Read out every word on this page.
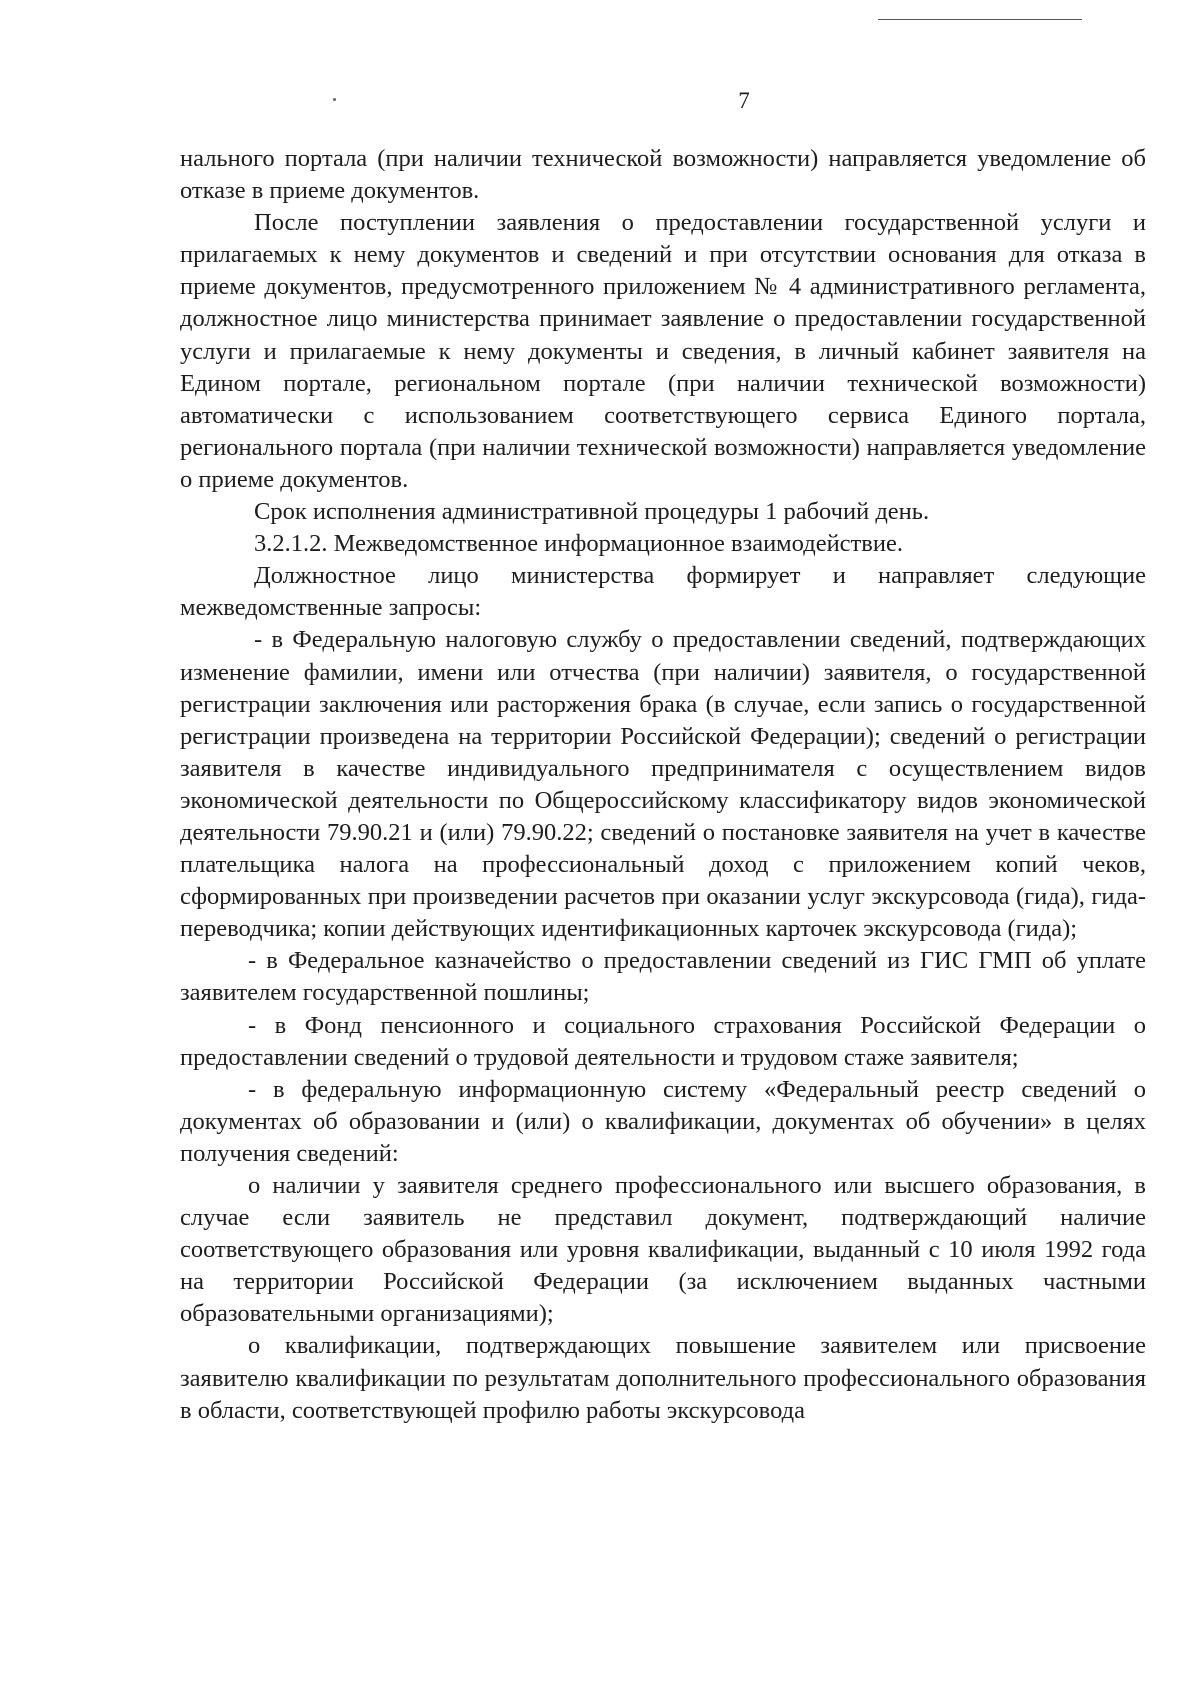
7

нального портала (при наличии технической возможности) направляется уведомление об отказе в приеме документов.

После поступлении заявления о предоставлении государственной услуги и прилагаемых к нему документов и сведений и при отсутствии основания для отказа в приеме документов, предусмотренного приложением № 4 административного регламента, должностное лицо министерства принимает заявление о предоставлении государственной услуги и прилагаемые к нему документы и сведения, в личный кабинет заявителя на Едином портале, региональном портале (при наличии технической возможности) автоматически с использованием соответствующего сервиса Единого портала, регионального портала (при наличии технической возможности) направляется уведомление о приеме документов.

Срок исполнения административной процедуры 1 рабочий день.

3.2.1.2. Межведомственное информационное взаимодействие.

Должностное лицо министерства формирует и направляет следующие межведомственные запросы:

- в Федеральную налоговую службу о предоставлении сведений, подтверждающих изменение фамилии, имени или отчества (при наличии) заявителя, о государственной регистрации заключения или расторжения брака (в случае, если запись о государственной регистрации произведена на территории Российской Федерации); сведений о регистрации заявителя в качестве индивидуального предпринимателя с осуществлением видов экономической деятельности по Общероссийскому классификатору видов экономической деятельности 79.90.21 и (или) 79.90.22; сведений о постановке заявителя на учет в качестве плательщика налога на профессиональный доход с приложением копий чеков, сформированных при произведении расчетов при оказании услуг экскурсовода (гида), гида-переводчика; копии действующих идентификационных карточек экскурсовода (гида);

- в Федеральное казначейство о предоставлении сведений из ГИС ГМП об уплате заявителем государственной пошлины;

- в Фонд пенсионного и социального страхования Российской Федерации о предоставлении сведений о трудовой деятельности и трудовом стаже заявителя;

- в федеральную информационную систему «Федеральный реестр сведений о документах об образовании и (или) о квалификации, документах об обучении» в целях получения сведений:

о наличии у заявителя среднего профессионального или высшего образования, в случае если заявитель не представил документ, подтверждающий наличие соответствующего образования или уровня квалификации, выданный с 10 июля 1992 года на территории Российской Федерации (за исключением выданных частными образовательными организациями);

о квалификации, подтверждающих повышение заявителем или присвоение заявителю квалификации по результатам дополнительного профессионального образования в области, соответствующей профилю работы экскурсовода
